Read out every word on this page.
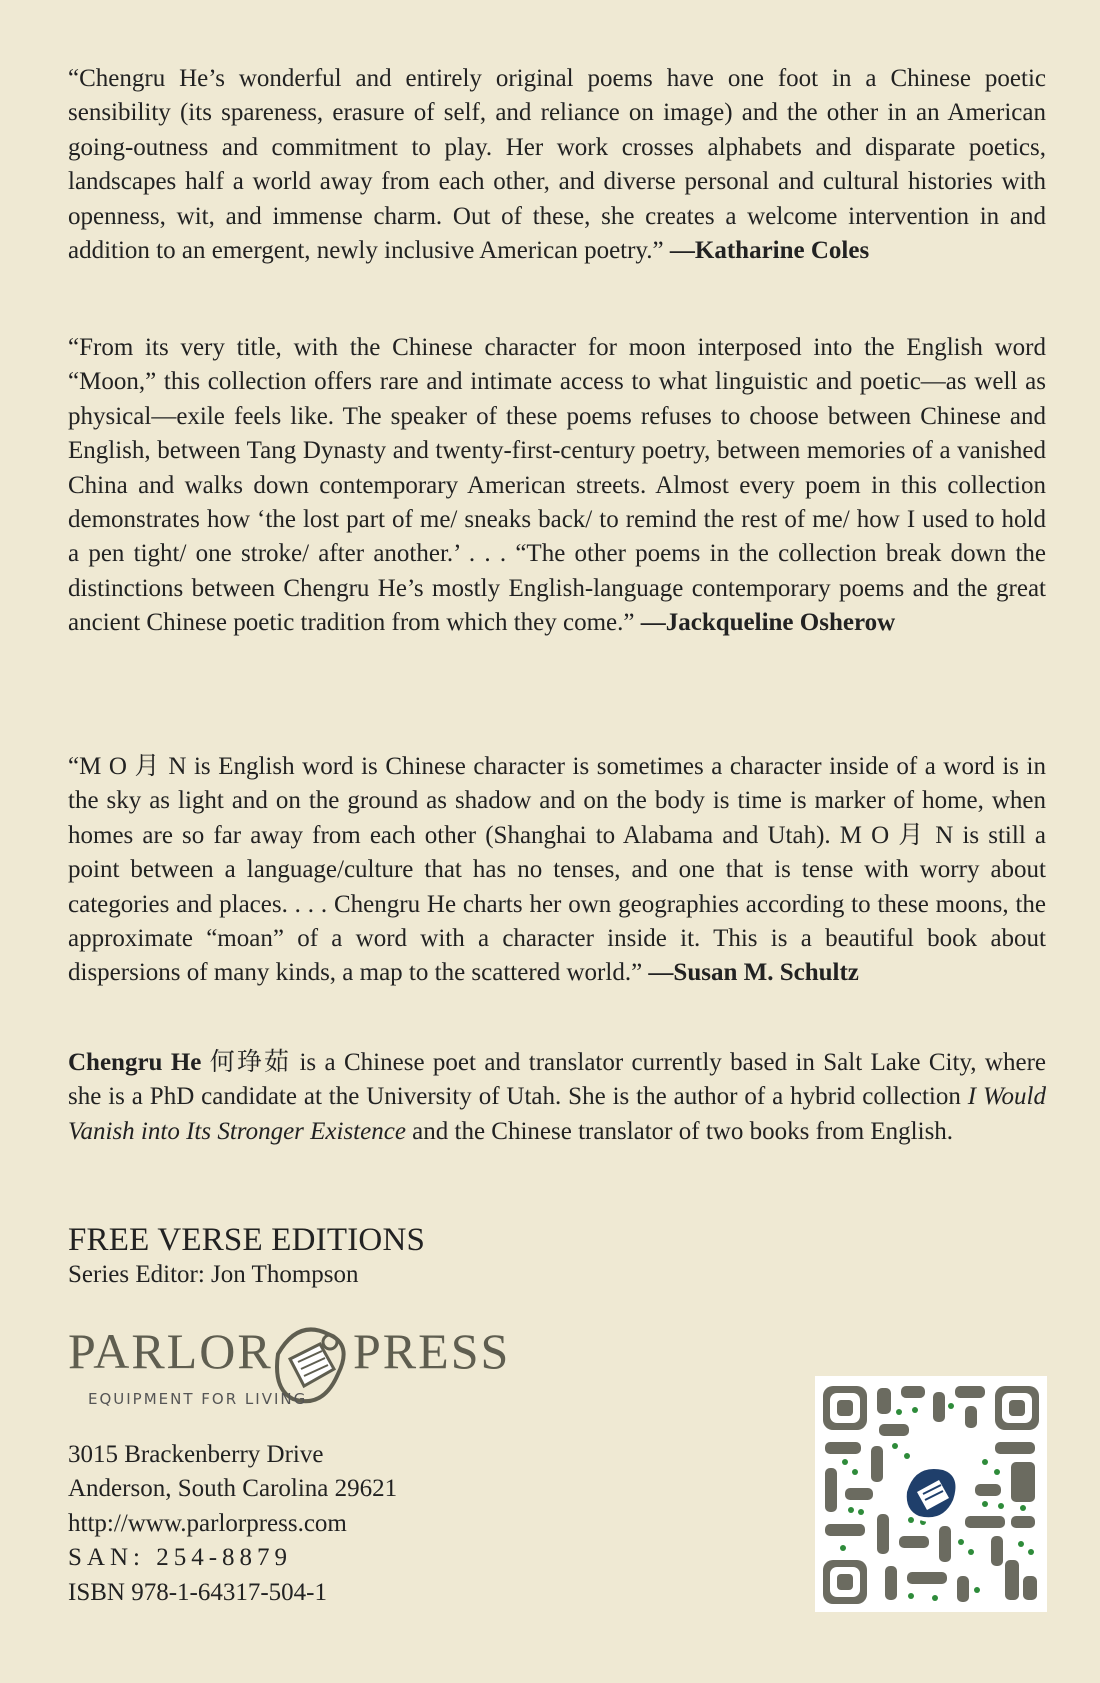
“Chengru He’s wonderful and entirely original poems have one foot in a Chinese poetic sensibility (its spareness, erasure of self, and reliance on image) and the other in an American going-outness and commitment to play. Her work crosses alphabets and disparate poetics, landscapes half a world away from each other, and diverse personal and cultural histories with openness, wit, and immense charm. Out of these, she creates a welcome intervention in and addition to an emergent, newly inclusive American poetry.” —Katharine Coles

“From its very title, with the Chinese character for moon interposed into the English word “Moon,” this collection offers rare and intimate access to what linguistic and poetic—as well as physical—exile feels like. The speaker of these poems refuses to choose between Chinese and English, between Tang Dynasty and twenty-first-century poetry, between memories of a vanished China and walks down contemporary American streets. Almost every poem in this collection demonstrates how ‘the lost part of me/ sneaks back/ to remind the rest of me/ how I used to hold a pen tight/ one stroke/ after another.’ . . . “The other poems in the collection break down the distinctions between Chengru He’s mostly English-language contemporary poems and the great ancient Chinese poetic tradition from which they come.” —Jackqueline Osherow

“M O 月 N is English word is Chinese character is sometimes a character inside of a word is in the sky as light and on the ground as shadow and on the body is time is marker of home, when homes are so far away from each other (Shanghai to Alabama and Utah). M O 月 N is still a point between a language/culture that has no tenses, and one that is tense with worry about categories and places. . . . Chengru He charts her own geographies according to these moons, the approximate “moan” of a word with a character inside it. This is a beautiful book about dispersions of many kinds, a map to the scattered world.” —Susan M. Schultz

Chengru He 何琤茹 is a Chinese poet and translator currently based in Salt Lake City, where she is a PhD candidate at the University of Utah. She is the author of a hybrid collection I Would Vanish into Its Stronger Existence and the Chinese translator of two books from English.

FREE VERSE EDITIONS
Series Editor: Jon Thompson
PARLOR PRESS
EQUIPMENT FOR LIVING
3015 Brackenberry Drive
Anderson, South Carolina 29621
http://www.parlorpress.com
SAN: 254-8879
ISBN 978-1-64317-504-1
